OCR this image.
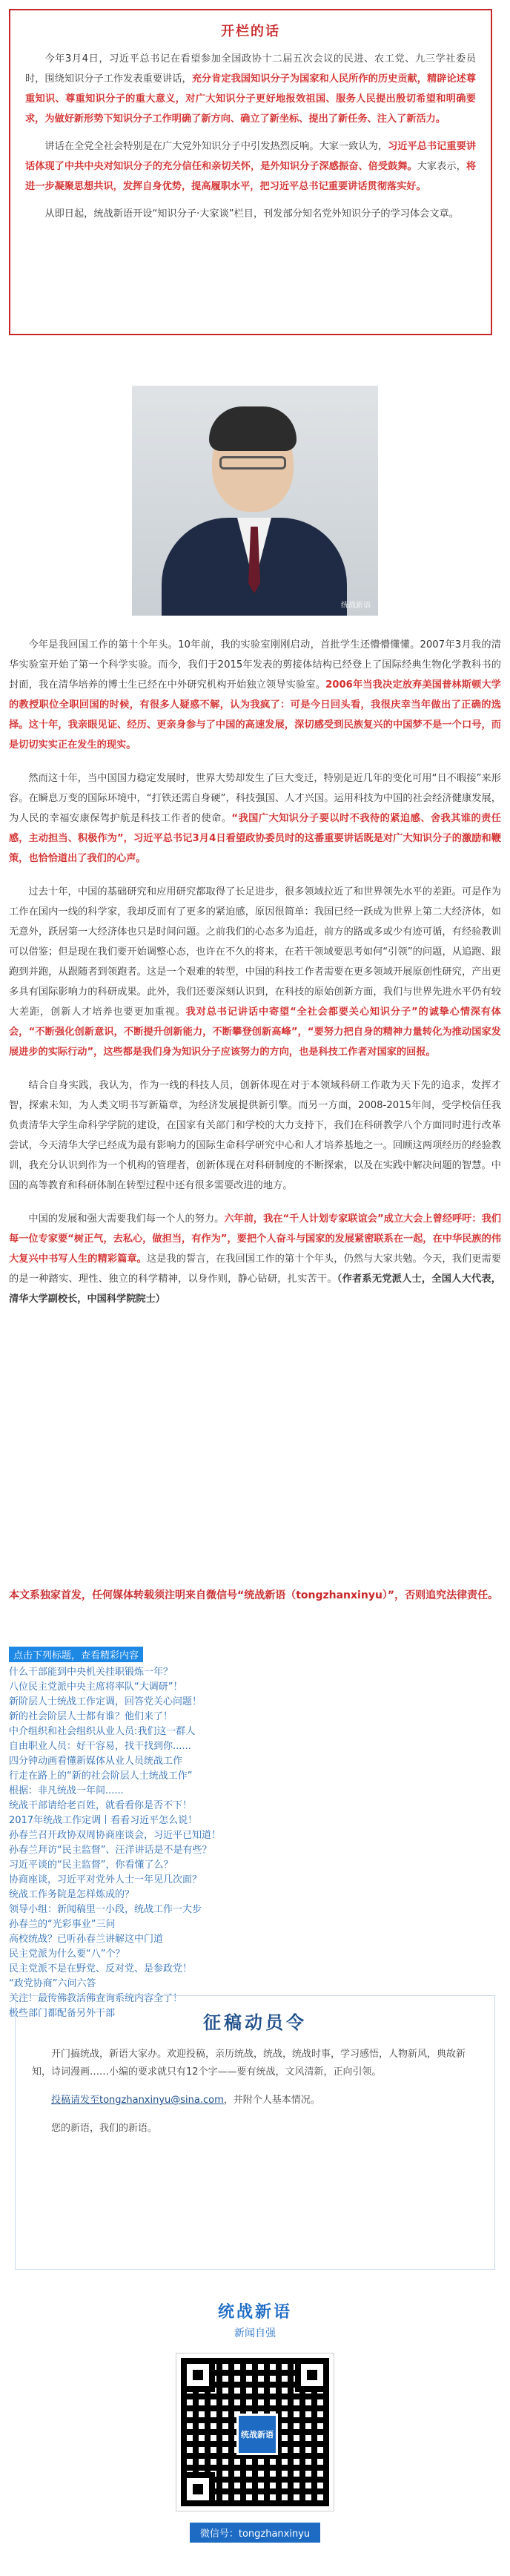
开栏的话

今年3月4日，习近平总书记在看望参加全国政协十二届五次会议的民进、农工党、九三学社委员时，围绕知识分子工作发表重要讲话，充分肯定我国知识分子为国家和人民所作的历史贡献，精辟论述尊重知识、尊重知识分子的重大意义，对广大知识分子更好地报效祖国、服务人民提出殷切希望和明确要求，为做好新形势下知识分子工作明确了新方向、确立了新坐标、提出了新任务、注入了新活力。

讲话在全党全社会特别是在广大党外知识分子中引发热烈反响。大家一致认为，习近平总书记重要讲话体现了中共中央对知识分子的充分信任和亲切关怀，是外知识分子深感振奋、倍受鼓舞。大家表示，将进一步凝聚思想共识，发挥自身优势，提高履职水平，把习近平总书记重要讲话贯彻落实好。

从即日起，统战新语开设“知识分子·大家谈”栏目，刊发部分知名党外知识分子的学习体会文章。

统战新语

今年是我回国工作的第十个年头。10年前，我的实验室刚刚启动，首批学生还懵懵懂懂。2007年3月我的清华实验室开始了第一个科学实验。而今，我们于2015年发表的剪接体结构已经登上了国际经典生物化学教科书的封面，我在清华培养的博士生已经在中外研究机构开始独立领导实验室。2006年当我决定放弃美国普林斯顿大学的教授职位全职回国的时候，有很多人疑惑不解，认为我疯了：可是今日回头看，我很庆幸当年做出了正确的选择。这十年，我亲眼见证、经历、更亲身参与了中国的高速发展，深切感受到民族复兴的中国梦不是一个口号，而是切切实实正在发生的现实。

然而这十年，当中国国力稳定发展时，世界大势却发生了巨大变迁，特别是近几年的变化可用“日不暇接”来形容。在瞬息万变的国际环境中，“打铁还需自身硬”，科技强国、人才兴国。运用科技为中国的社会经济健康发展，为人民的幸福安康保驾护航是科技工作者的使命。“我国广大知识分子要以时不我待的紧迫感、舍我其谁的责任感，主动担当、积极作为”，习近平总书记3月4日看望政协委员时的这番重要讲话既是对广大知识分子的激励和鞭策，也恰恰道出了我们的心声。

过去十年，中国的基础研究和应用研究都取得了长足进步，很多领域拉近了和世界领先水平的差距。可是作为工作在国内一线的科学家，我却反而有了更多的紧迫感，原因很简单：我国已经一跃成为世界上第二大经济体，如无意外，跃居第一大经济体也只是时间问题。之前我们的心态多为追赶，前方的路或多或少有迹可循，有经验教训可以借鉴；但是现在我们要开始调整心态，也许在不久的将来，在若干领域要思考如何“引领”的问题，从追跑、跟跑到并跑，从跟随者到领跑者。这是一个艰难的转型，中国的科技工作者需要在更多领域开展原创性研究，产出更多具有国际影响力的科研成果。此外，我们还要深刻认识到，在科技的原始创新方面，我们与世界先进水平仍有较大差距，创新人才培养也要更加重视。我对总书记讲话中寄望“全社会都要关心知识分子”的诚挚心情深有体会，“不断强化创新意识，不断提升创新能力，不断攀登创新高峰”，“要努力把自身的精神力量转化为推动国家发展进步的实际行动”，这些都是我们身为知识分子应该努力的方向，也是科技工作者对国家的回报。

结合自身实践，我认为，作为一线的科技人员，创新体现在对于本领域科研工作敢为天下先的追求，发挥才智，探索未知，为人类文明书写新篇章，为经济发展提供新引擎。而另一方面，2008-2015年间，受学校信任我负责清华大学生命科学学院的建设，在国家有关部门和学校的大力支持下，我们在科研教学八个方面同时进行改革尝试，今天清华大学已经成为最有影响力的国际生命科学研究中心和人才培养基地之一。回顾这两项经历的经验教训，我充分认识到作为一个机构的管理者，创新体现在对科研制度的不断探索，以及在实践中解决问题的智慧。中国的高等教育和科研体制在转型过程中还有很多需要改进的地方。

中国的发展和强大需要我们每一个人的努力。六年前，我在“千人计划专家联谊会”成立大会上曾经呼吁：我们每一位专家要“树正气，去私心，做担当，有作为”，要把个人奋斗与国家的发展紧密联系在一起，在中华民族的伟大复兴中书写人生的精彩篇章。这是我的誓言，在我回国工作的第十个年头，仍然与大家共勉。今天，我们更需要的是一种踏实、理性、独立的科学精神，以身作则，静心钻研，扎实苦干。（作者系无党派人士，全国人大代表，清华大学副校长，中国科学院院士）

本文系独家首发，任何媒体转载须注明来自微信号“统战新语（tongzhanxinyu）”，否则追究法律责任。
点击下列标题，查看精彩内容
什么干部能到中央机关挂职锻炼一年？
八位民主党派中央主席将率队“大调研”！
新阶层人士统战工作定调，回答党关心问题！
新的社会阶层人士都有谁？他们来了！
中介组织和社会组织从业人员:我们这一群人
自由职业人员：好干容易，找干找到你......
四分钟动画看懂新媒体从业人员统战工作
行走在路上的“新的社会阶层人士统战工作”
根据：非凡统战一年间......
统战干部请给老百姓，就看看你是否不下！
2017年统战工作定调丨看看习近平怎么说！
孙春兰召开政协双周协商座谈会，习近平已知道！
孙春兰拜访“民主监督”、汪洋讲话是不是有些？
习近平谈的“民主监督”，你看懂了么？
协商座谈，习近平对党外人士一年见几次面？
统战工作务院是怎样炼成的？
领导小组：新闻稿里一小段，统战工作一大步
孙春兰的“光彩事业”三问
高校统战？已听孙春兰讲解这中门道
民主党派为什么要“八”个？
民主党派不是在野党、反对党、是参政党！
“政党协商”六问六答
关注！最传佛教活佛查询系统内容全了！
极些部门都配备另外干部	征稿动员令

开门搞统战，新语大家办。欢迎投稿，亲历统战，统战，统战时事，学习感悟，人物新风，典故新知，诗词漫画……小编的要求就只有12个字——要有统战，文风清新，正向引领。

投稿请发至tongzhanxinyu@sina.com，并附个人基本情况。

您的新语，我们的新语。

统战新语
新闻自强
统战新语
微信号：tongzhanxinyu
